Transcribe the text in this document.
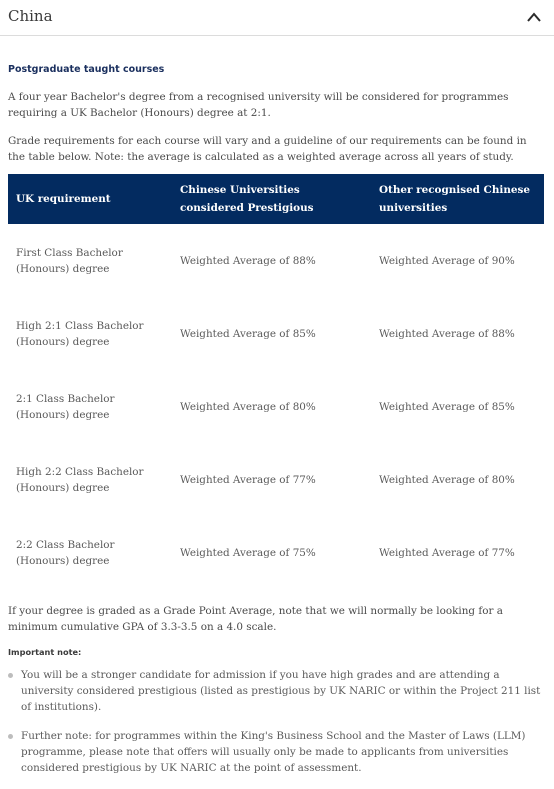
China

Postgraduate taught courses

A four year Bachelor's degree from a recognised university will be considered for programmes requiring a UK Bachelor (Honours) degree at 2:1.

Grade requirements for each course will vary and a guideline of our requirements can be found in the table below. Note: the average is calculated as a weighted average across all years of study.

UK requirement	Chinese Universities considered Prestigious	Other recognised Chinese universities
First Class Bachelor (Honours) degree	Weighted Average of 88%	Weighted Average of 90%
High 2:1 Class Bachelor (Honours) degree	Weighted Average of 85%	Weighted Average of 88%
2:1 Class Bachelor (Honours) degree	Weighted Average of 80%	Weighted Average of 85%
High 2:2 Class Bachelor (Honours) degree	Weighted Average of 77%	Weighted Average of 80%
2:2 Class Bachelor (Honours) degree	Weighted Average of 75%	Weighted Average of 77%

If your degree is graded as a Grade Point Average, note that we will normally be looking for a minimum cumulative GPA of 3.3-3.5 on a 4.0 scale.

Important note:

You will be a stronger candidate for admission if you have high grades and are attending a university considered prestigious (listed as prestigious by UK NARIC or within the Project 211 list of institutions).
Further note: for programmes within the King's Business School and the Master of Laws (LLM) programme, please note that offers will usually only be made to applicants from universities considered prestigious by UK NARIC at the point of assessment.
